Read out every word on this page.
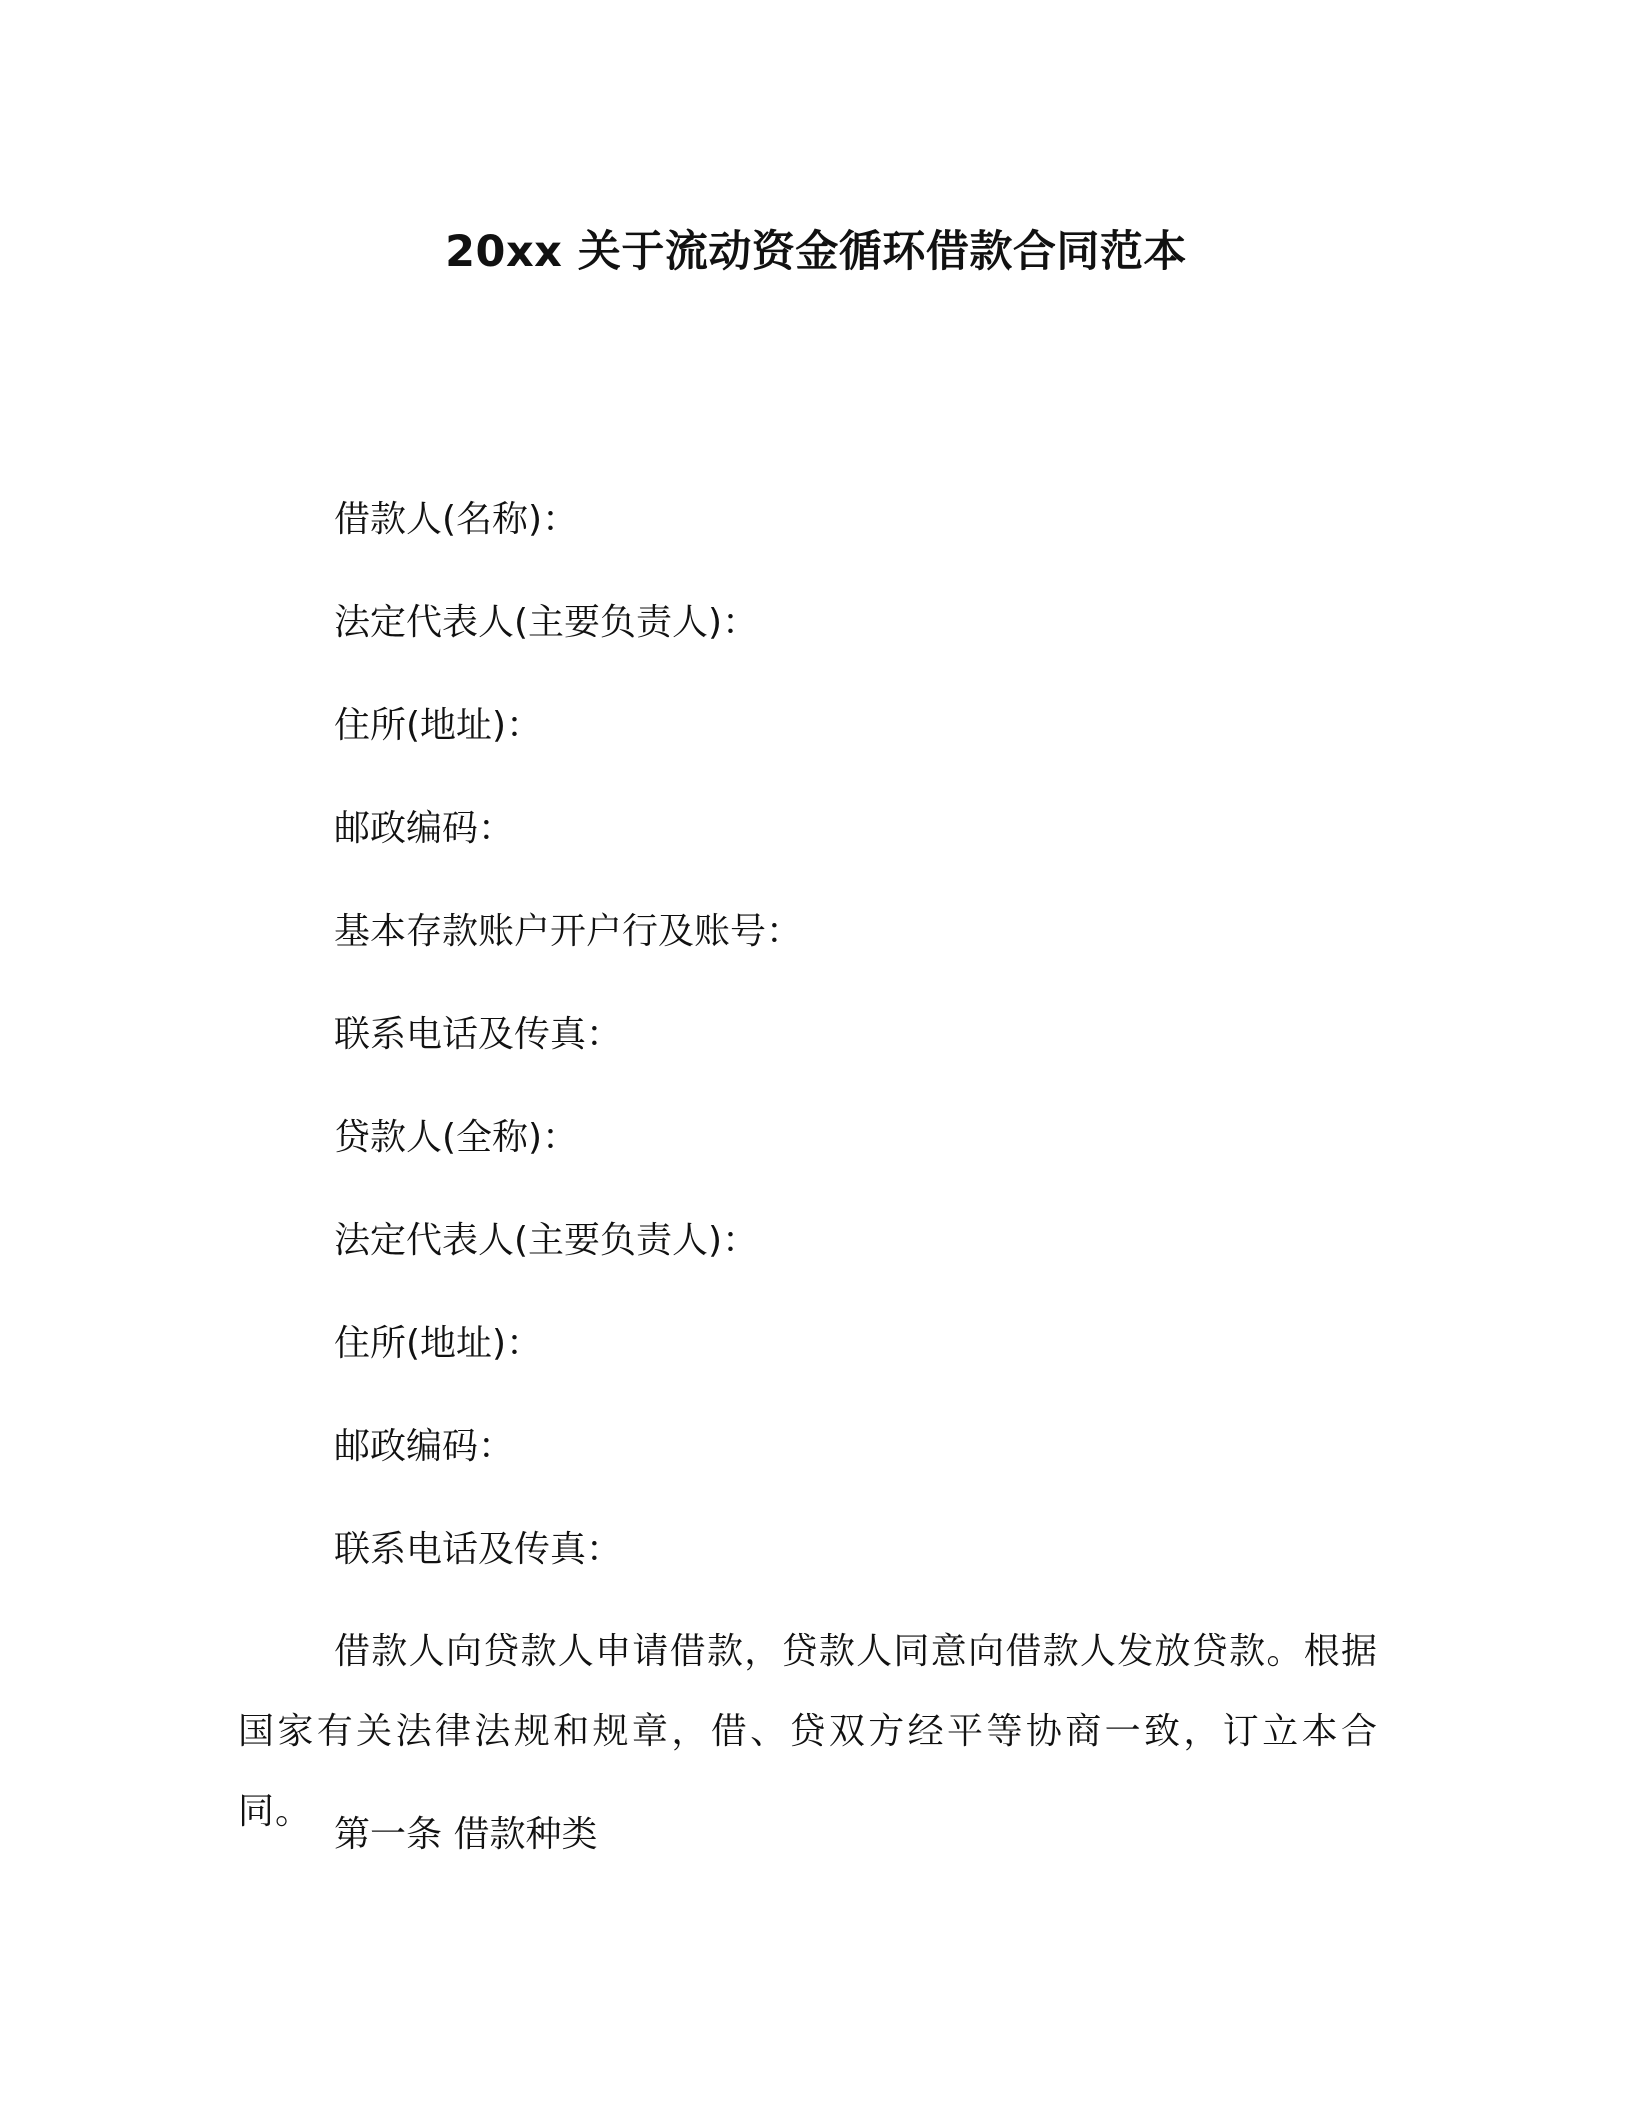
20xx 关于流动资金循环借款合同范本
借款人(名称)：
法定代表人(主要负责人)：
住所(地址)：
邮政编码：
基本存款账户开户行及账号：
联系电话及传真：
贷款人(全称)：
法定代表人(主要负责人)：
住所(地址)：
邮政编码：
联系电话及传真：
借款人向贷款人申请借款，贷款人同意向借款人发放贷款。根据国家有关法律法规和规章，借、贷双方经平等协商一致，订立本合同。
第一条 借款种类
